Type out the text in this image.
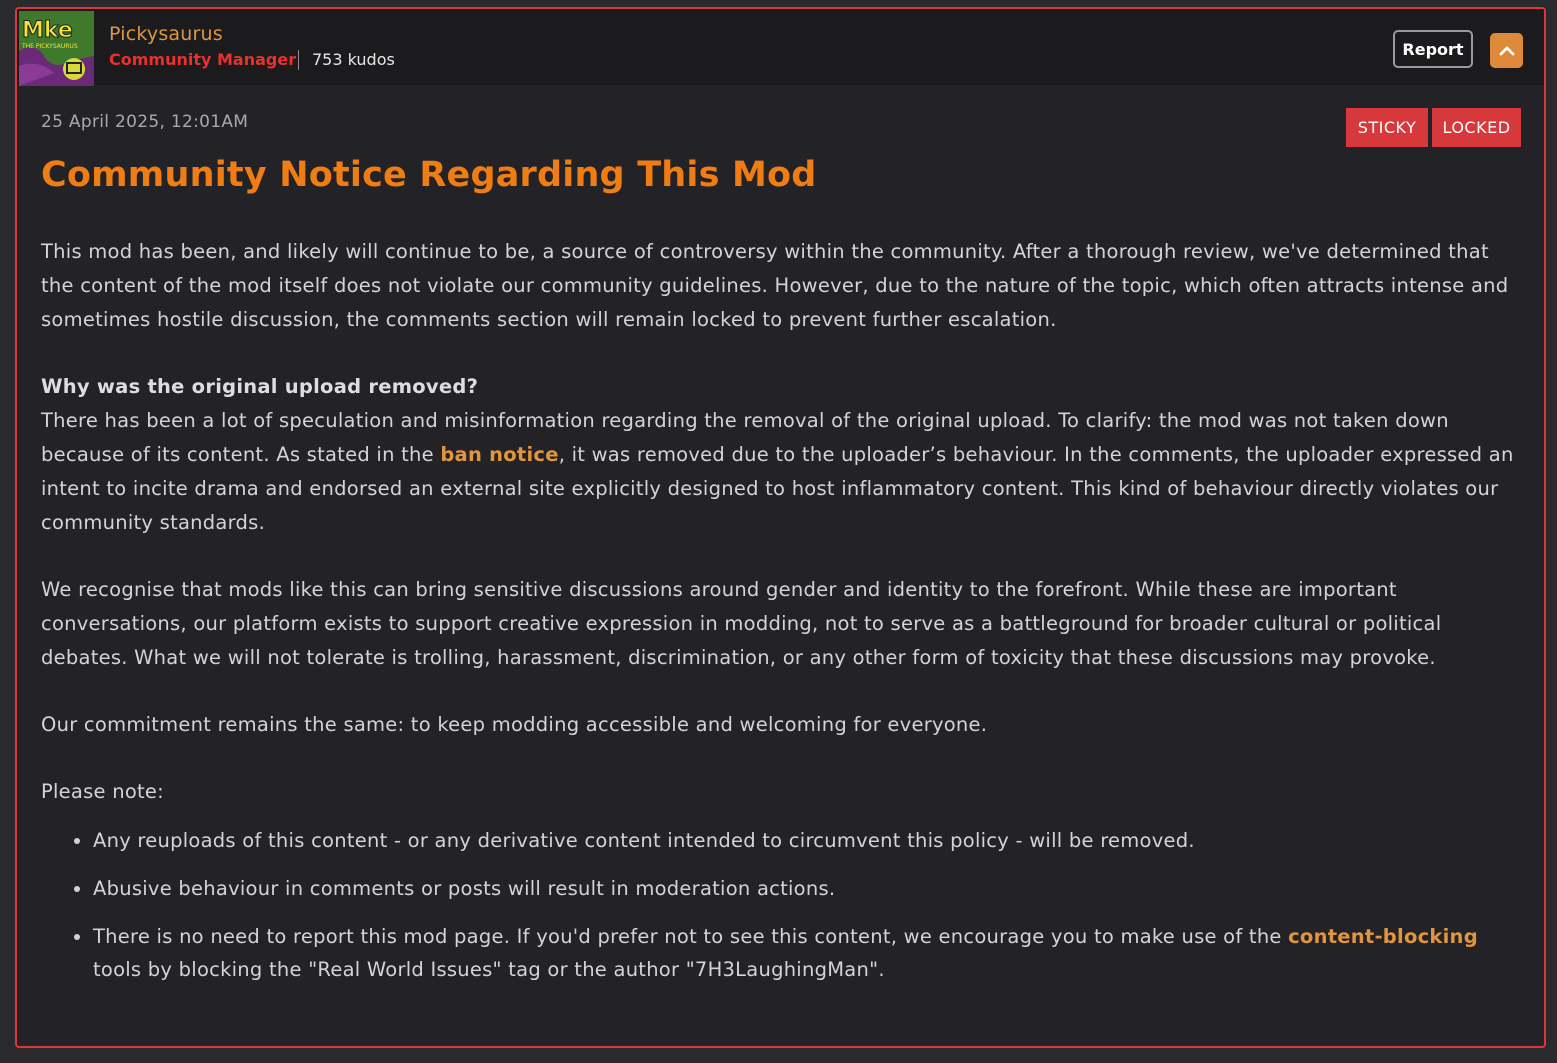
Mke
THE PICKYSAURUS
Pickysaurus
Community Manager 753 kudos
Report
25 April 2025, 12:01AM	STICKY	LOCKED
Community Notice Regarding This Mod

This mod has been, and likely will continue to be, a source of controversy within the community. After a thorough review, we've determined that the content of the mod itself does not violate our community guidelines. However, due to the nature of the topic, which often attracts intense and sometimes hostile discussion, the comments section will remain locked to prevent further escalation.

Why was the original upload removed?

There has been a lot of speculation and misinformation regarding the removal of the original upload. To clarify: the mod was not taken down because of its content. As stated in the ban notice, it was removed due to the uploader’s behaviour. In the comments, the uploader expressed an intent to incite drama and endorsed an external site explicitly designed to host inflammatory content. This kind of behaviour directly violates our community standards.

We recognise that mods like this can bring sensitive discussions around gender and identity to the forefront. While these are important conversations, our platform exists to support creative expression in modding, not to serve as a battleground for broader cultural or political debates. What we will not tolerate is trolling, harassment, discrimination, or any other form of toxicity that these discussions may provoke.

Our commitment remains the same: to keep modding accessible and welcoming for everyone.

Please note:

• Any reuploads of this content - or any derivative content intended to circumvent this policy - will be removed.
• Abusive behaviour in comments or posts will result in moderation actions.
• There is no need to report this mod page. If you'd prefer not to see this content, we encourage you to make use of the content-blocking tools by blocking the "Real World Issues" tag or the author "7H3LaughingMan".
